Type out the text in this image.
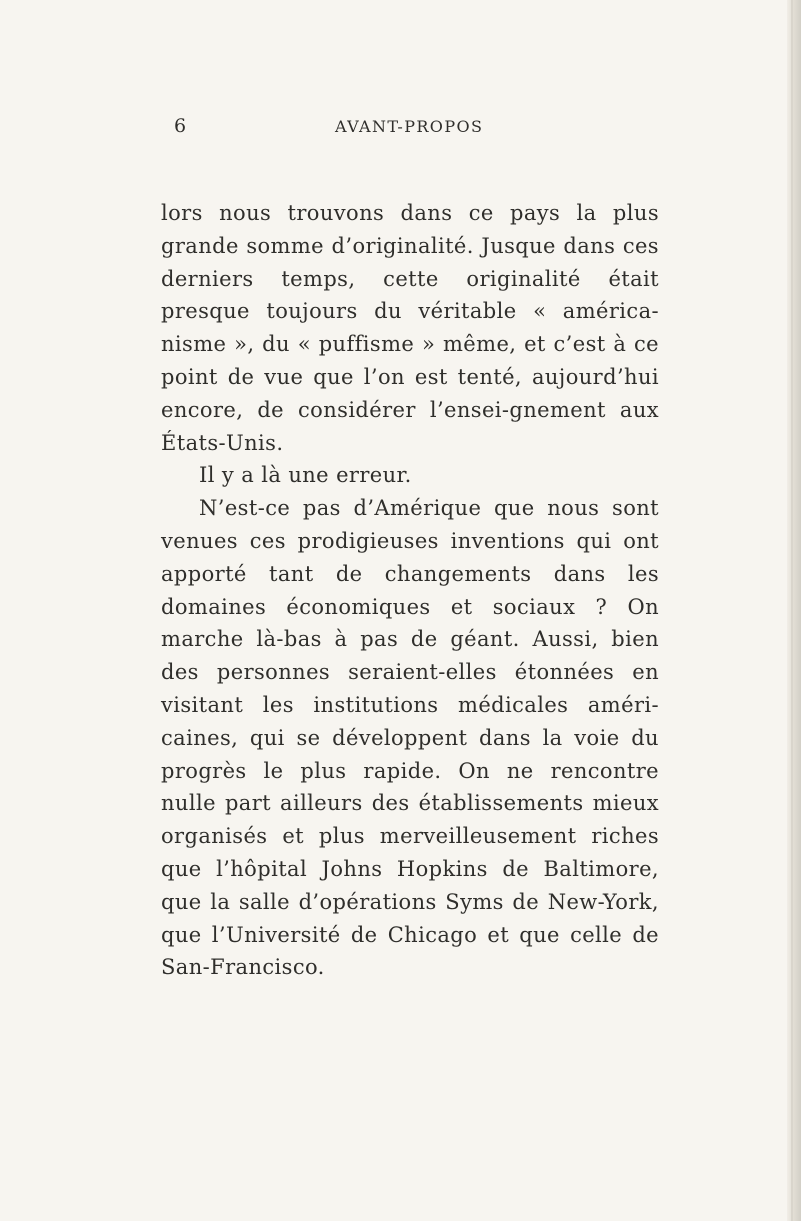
6	AVANT-PROPOS

lors nous trouvons dans ce pays la plus grande somme d’originalité. Jusque dans ces derniers temps, cette originalité était presque toujours du véritable « américa-nisme », du « puffisme » même, et c’est à ce point de vue que l’on est tenté, aujourd’hui encore, de considérer l’ensei-gnement aux États-Unis.

Il y a là une erreur.

N’est-ce pas d’Amérique que nous sont venues ces prodigieuses inventions qui ont apporté tant de changements dans les domaines économiques et sociaux ? On marche là-bas à pas de géant. Aussi, bien des personnes seraient-elles étonnées en visitant les institutions médicales améri-caines, qui se développent dans la voie du progrès le plus rapide. On ne rencontre nulle part ailleurs des établissements mieux organisés et plus merveilleusement riches que l’hôpital Johns Hopkins de Baltimore, que la salle d’opérations Syms de New-York, que l’Université de Chicago et que celle de San-Francisco.
